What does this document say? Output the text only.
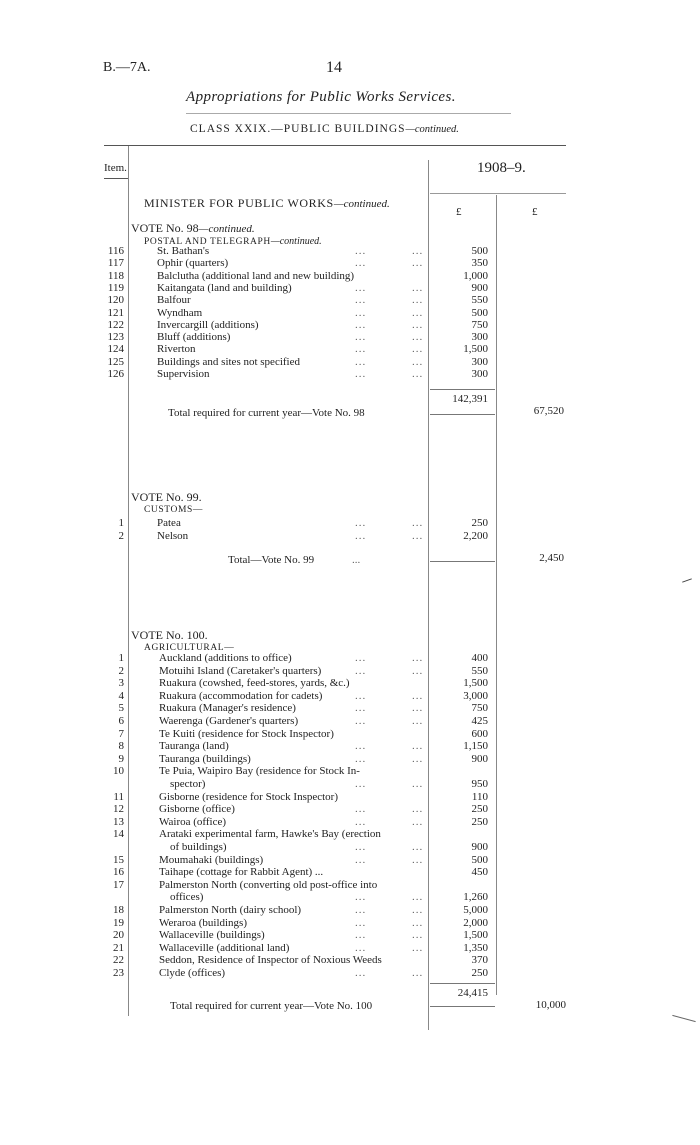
B.—7A.	14
Appropriations for Public Works Services.
CLASS XXIX.—PUBLIC BUILDINGS—continued.
Item.	1908–9.
£	£
MINISTER FOR PUBLIC WORKS—continued.
VOTE No. 98—continued.
POSTAL AND TELEGRAPH—continued.
116	St. Bathan's	...	...	500
117	Ophir (quarters)	...	...	350
118	Balclutha (additional land and new building)	1,000
119	Kaitangata (land and building)	...	...	900
120	Balfour	...	...	550
121	Wyndham	...	...	500
122	Invercargill (additions)	...	...	750
123	Bluff (additions)	...	...	300
124	Riverton	...	...	1,500
125	Buildings and sites not specified	...	...	300
126	Supervision	...	...	300
142,391
Total required for current year—Vote No. 98	67,520
VOTE No. 99.
CUSTOMS—
1	Patea	...	...	250
2	Nelson	...	...	2,200
Total—Vote No. 99	...	2,450
VOTE No. 100.
AGRICULTURAL—
1	Auckland (additions to office)	...	...	400
2	Motuihi Island (Caretaker's quarters)	...	...	550
3	Ruakura (cowshed, feed-stores, yards, &c.)	1,500
4	Ruakura (accommodation for cadets)	...	...	3,000
5	Ruakura (Manager's residence)	...	...	750
6	Waerenga (Gardener's quarters)	...	...	425
7	Te Kuiti (residence for Stock Inspector)	600
8	Tauranga (land)	...	...	1,150
9	Tauranga (buildings)	...	...	900
10	Te Puia, Waipiro Bay (residence for Stock In-
spector)	...	...	950
11	Gisborne (residence for Stock Inspector)	110
12	Gisborne (office)	...	...	250
13	Wairoa (office)	...	...	250
14	Arataki experimental farm, Hawke's Bay (erection
of buildings)	...	...	900
15	Moumahaki (buildings)	...	...	500
16	Taihape (cottage for Rabbit Agent) ...	450
17	Palmerston North (converting old post-office into
offices)	...	...	1,260
18	Palmerston North (dairy school)	...	...	5,000
19	Weraroa (buildings)	...	...	2,000
20	Wallaceville (buildings)	...	...	1,500
21	Wallaceville (additional land)	...	...	1,350
22	Seddon, Residence of Inspector of Noxious Weeds	370
23	Clyde (offices)	...	...	250
24,415
Total required for current year—Vote No. 100	10,000
